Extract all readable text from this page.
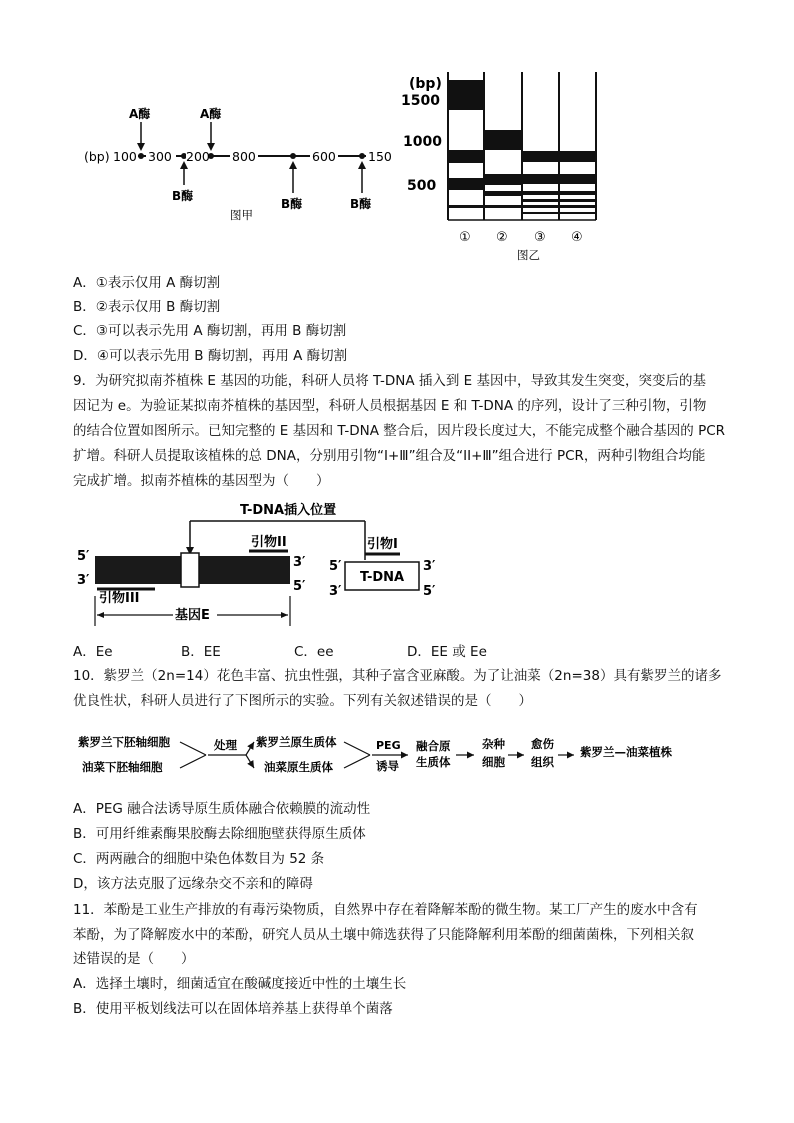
A酶	A酶
B酶
B酶	B酶
(bp) 100 300 200 800	600	150
图甲
(bp)
1500
1000
500
① ② ③ ④
图乙
A．①表示仅用 A 酶切割
B．②表示仅用 B 酶切割
C．③可以表示先用 A 酶切割，再用 B 酶切割
D．④可以表示先用 B 酶切割，再用 A 酶切割
9．为研究拟南芥植株 E 基因的功能，科研人员将 T-DNA 插入到 E 基因中，导致其发生突变，突变后的基
因记为 e。为验证某拟南芥植株的基因型，科研人员根据基因 E 和 T-DNA 的序列，设计了三种引物，引物
的结合位置如图所示。已知完整的 E 基因和 T-DNA 整合后，因片段长度过大，不能完成整个融合基因的 PCR
扩增。科研人员提取该植株的总 DNA，分别用引物“I+Ⅲ”组合及“II+Ⅲ”组合进行 PCR，两种引物组合均能
完成扩增。拟南芥植株的基因型为（　　）
T-DNA插入位置
5′
3′
3′
5′
引物II
引物III
基因E
引物I
5′
3′
T-DNA
3′
5′
A．Ee	B．EE	C．ee	D．EE 或 Ee
10．紫罗兰（2n=14）花色丰富、抗虫性强，其种子富含亚麻酸。为了让油菜（2n=38）具有紫罗兰的诸多
优良性状，科研人员进行了下图所示的实验。下列有关叙述错误的是（　　）
紫罗兰下胚轴细胞
油菜下胚轴细胞
处理 紫罗兰原生质体
油菜原生质体
PEG
诱导
融合原
生质体
杂种
细胞
愈伤
组织
紫罗兰—油菜植株
A．PEG 融合法诱导原生质体融合依赖膜的流动性
B．可用纤维素酶果胶酶去除细胞壁获得原生质体
C．两两融合的细胞中染色体数目为 52 条
D，该方法克服了远缘杂交不亲和的障碍
11．苯酚是工业生产排放的有毒污染物质，自然界中存在着降解苯酚的微生物。某工厂产生的废水中含有
苯酚，为了降解废水中的苯酚，研究人员从土壤中筛选获得了只能降解利用苯酚的细菌菌株，下列相关叙
述错误的是（　　）
A．选择土壤时，细菌适宜在酸碱度接近中性的土壤生长
B．使用平板划线法可以在固体培养基上获得单个菌落
